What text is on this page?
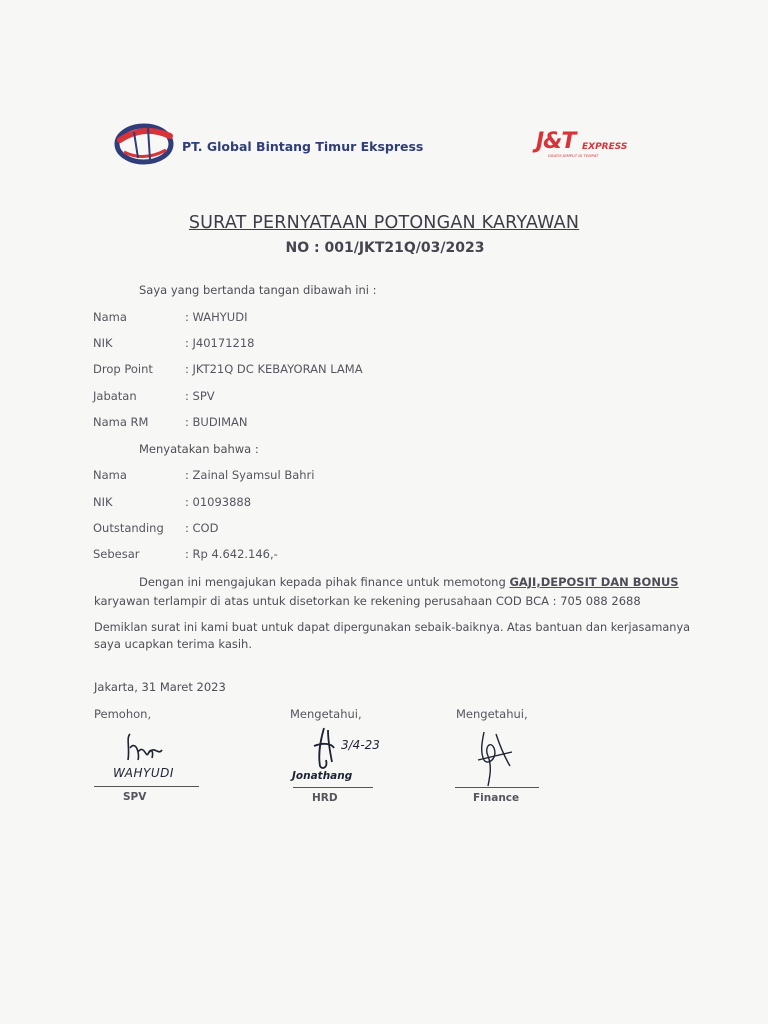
PT. Global Bintang Timur Ekspress	J&T EXPRESS
GRATIS JEMPUT DI TEMPAT
SURAT PERNYATAAN POTONGAN KARYAWAN
NO : 001/JKT21Q/03/2023
Saya yang bertanda tangan dibawah ini :
Nama	: WAHYUDI
NIK	: J40171218
Drop Point	: JKT21Q DC KEBAYORAN LAMA
Jabatan	: SPV
Nama RM	: BUDIMAN
Menyatakan bahwa :
Nama	: Zainal Syamsul Bahri
NIK	: 01093888
Outstanding : COD
Sebesar	: Rp 4.642.146,-
Dengan ini mengajukan kepada pihak finance untuk memotong GAJI,DEPOSIT DAN BONUS
karyawan terlampir di atas untuk disetorkan ke rekening perusahaan COD BCA : 705 088 2688
Demiklan surat ini kami buat untuk dapat dipergunakan sebaik-baiknya. Atas bantuan dan kerjasamanya
saya ucapkan terima kasih.
Jakarta, 31 Maret 2023
Pemohon,	Mengetahui,	Mengetahui,
WAHYUDI
SPV
3/4-23
Jonathang
HRD	Finance
